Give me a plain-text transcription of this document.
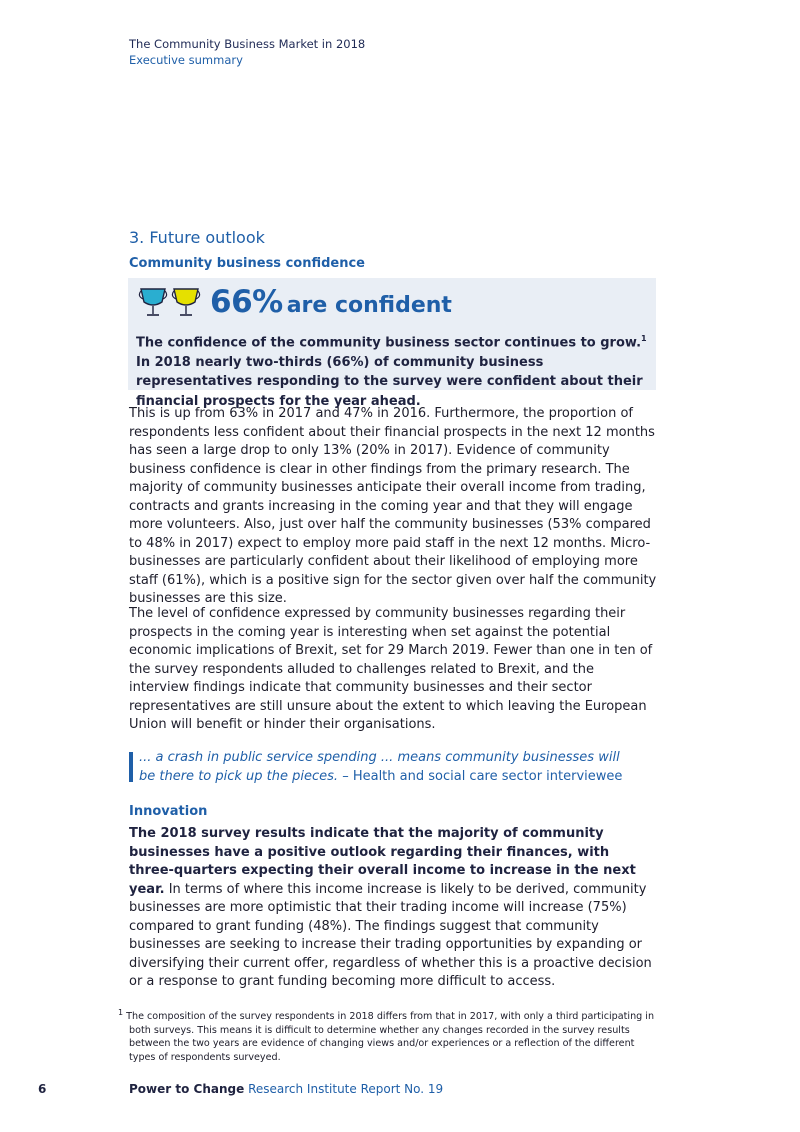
The Community Business Market in 2018
Executive summary
3. Future outlook
Community business confidence
66% are confident
The confidence of the community business sector continues to grow.$^1$ In 2018 nearly two-thirds (66%) of community business representatives responding to the survey were confident about their financial prospects for the year ahead.
This is up from 63% in 2017 and 47% in 2016. Furthermore, the proportion of respondents less confident about their financial prospects in the next 12 months has seen a large drop to only 13% (20% in 2017). Evidence of community business confidence is clear in other findings from the primary research. The majority of community businesses anticipate their overall income from trading, contracts and grants increasing in the coming year and that they will engage more volunteers. Also, just over half the community businesses (53% compared to 48% in 2017) expect to employ more paid staff in the next 12 months. Micro-businesses are particularly confident about their likelihood of employing more staff (61%), which is a positive sign for the sector given over half the community businesses are this size.
The level of confidence expressed by community businesses regarding their prospects in the coming year is interesting when set against the potential economic implications of Brexit, set for 29 March 2019. Fewer than one in ten of the survey respondents alluded to challenges related to Brexit, and the interview findings indicate that community businesses and their sector representatives are still unsure about the extent to which leaving the European Union will benefit or hinder their organisations.
... a crash in public service spending ... means community businesses will be there to pick up the pieces. – Health and social care sector interviewee
Innovation
The 2018 survey results indicate that the majority of community businesses have a positive outlook regarding their finances, with three-quarters expecting their overall income to increase in the next year. In terms of where this income increase is likely to be derived, community businesses are more optimistic that their trading income will increase (75%) compared to grant funding (48%). The findings suggest that community businesses are seeking to increase their trading opportunities by expanding or diversifying their current offer, regardless of whether this is a proactive decision or a response to grant funding becoming more difficult to access.
$^1$ The composition of the survey respondents in 2018 differs from that in 2017, with only a third participating in both surveys. This means it is difficult to determine whether any changes recorded in the survey results between the two years are evidence of changing views and/or experiences or a reflection of the different types of respondents surveyed.
6	Power to Change Research Institute Report No. 19
